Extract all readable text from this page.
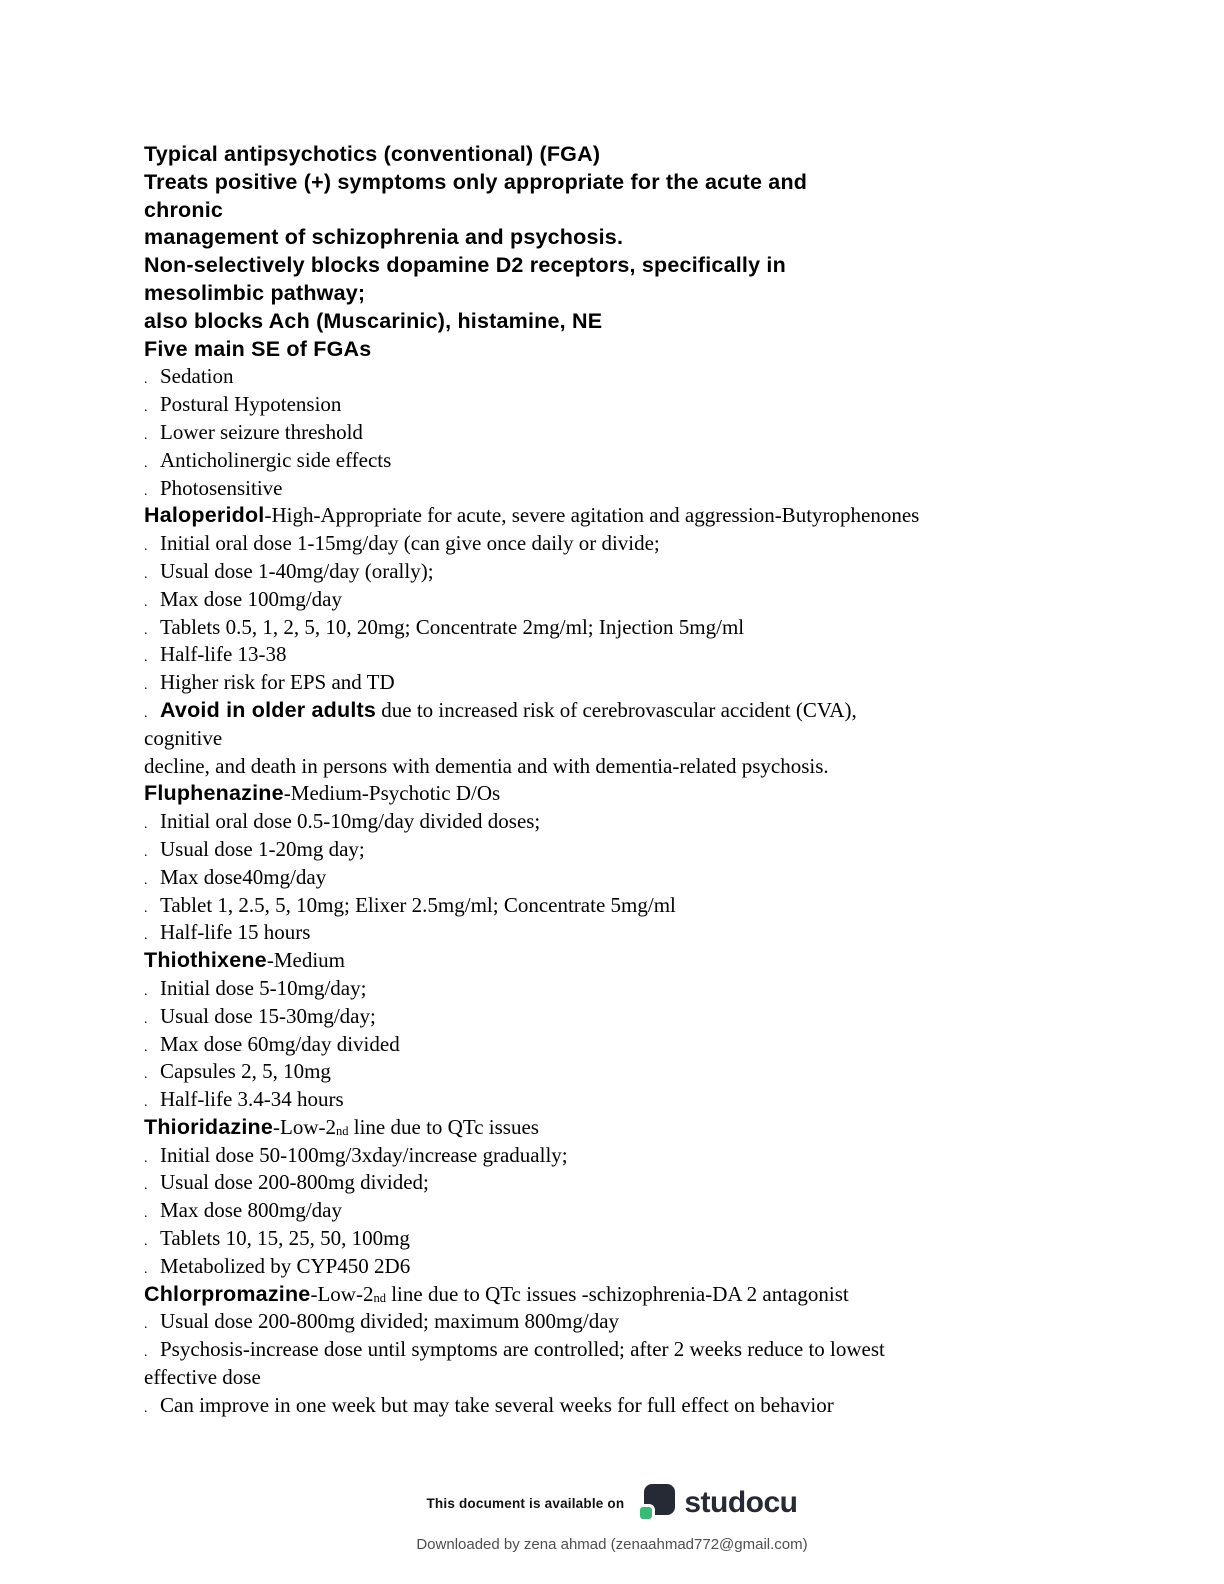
Typical antipsychotics (conventional) (FGA)
Treats positive (+) symptoms only appropriate for the acute and
chronic
management of schizophrenia and psychosis.
Non-selectively blocks dopamine D2 receptors, specifically in
mesolimbic pathway;
also blocks Ach (Muscarinic), histamine, NE
Five main SE of FGAs
. Sedation
. Postural Hypotension
. Lower seizure threshold
. Anticholinergic side effects
. Photosensitive
Haloperidol-High-Appropriate for acute, severe agitation and aggression-Butyrophenones
. Initial oral dose 1-15mg/day (can give once daily or divide;
. Usual dose 1-40mg/day (orally);
. Max dose 100mg/day
. Tablets 0.5, 1, 2, 5, 10, 20mg; Concentrate 2mg/ml; Injection 5mg/ml
. Half-life 13-38
. Higher risk for EPS and TD
. Avoid in older adults due to increased risk of cerebrovascular accident (CVA),
cognitive
decline, and death in persons with dementia and with dementia-related psychosis.
Fluphenazine-Medium-Psychotic D/Os
. Initial oral dose 0.5-10mg/day divided doses;
. Usual dose 1-20mg day;
. Max dose40mg/day
. Tablet 1, 2.5, 5, 10mg; Elixer 2.5mg/ml; Concentrate 5mg/ml
. Half-life 15 hours
Thiothixene-Medium
. Initial dose 5-10mg/day;
. Usual dose 15-30mg/day;
. Max dose 60mg/day divided
. Capsules 2, 5, 10mg
. Half-life 3.4-34 hours
Thioridazine-Low-2nd line due to QTc issues
. Initial dose 50-100mg/3xday/increase gradually;
. Usual dose 200-800mg divided;
. Max dose 800mg/day
. Tablets 10, 15, 25, 50, 100mg
. Metabolized by CYP450 2D6
Chlorpromazine-Low-2nd line due to QTc issues -schizophrenia-DA 2 antagonist
. Usual dose 200-800mg divided; maximum 800mg/day
. Psychosis-increase dose until symptoms are controlled; after 2 weeks reduce to lowest
effective dose
. Can improve in one week but may take several weeks for full effect on behavior
This document is available on studocu
Downloaded by zena ahmad (zenaahmad772@gmail.com)
